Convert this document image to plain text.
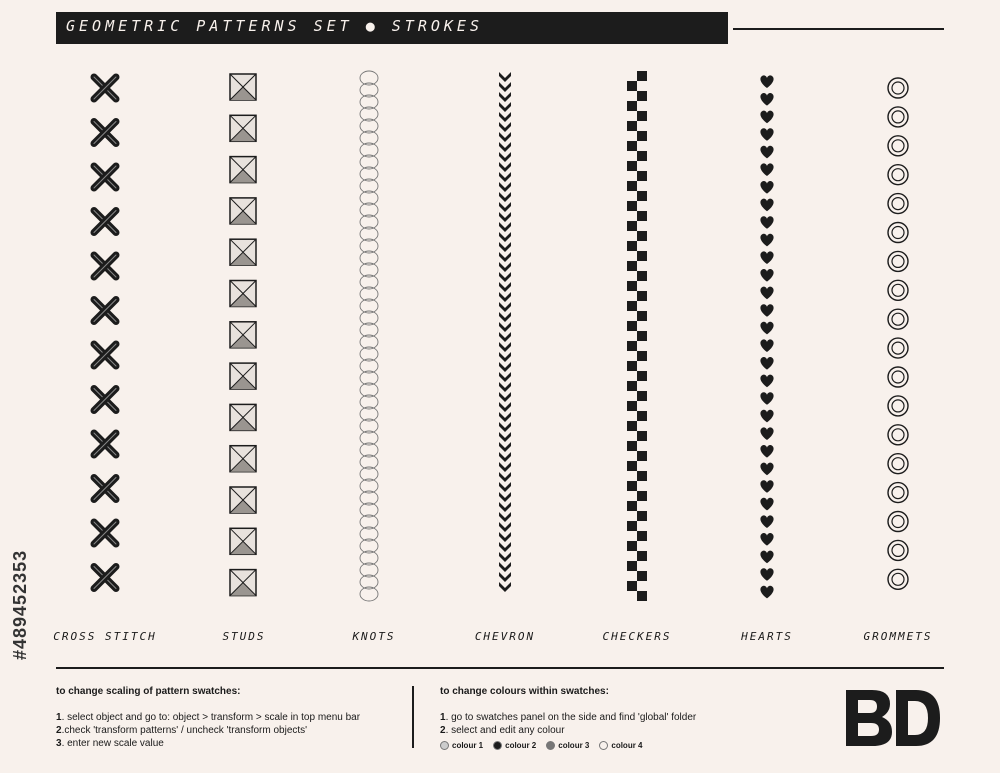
GEOMETRIC PATTERNS SET ● STROKES
CROSS STITCH	STUDS	KNOTS	CHEVRON	CHECKERS	HEARTS	GROMMETS
to change scaling of pattern swatches:

1. select object and go to: object > transform > scale in top menu bar

2.check 'transform patterns' / uncheck 'transform objects'

3. enter new scale value

to change colours within swatches:

1. go to swatches panel on the side and find 'global' folder

2. select and edit any colour

colour 1	colour 2	colour 3	colour 4
#489452353
